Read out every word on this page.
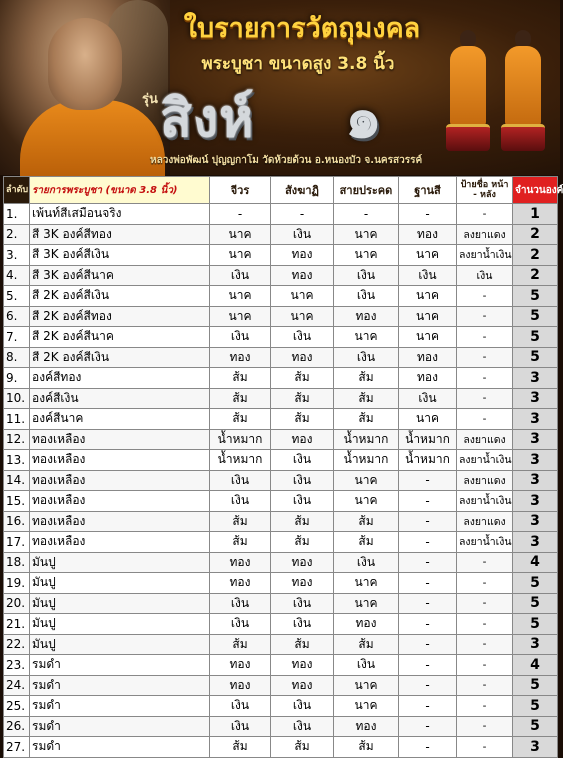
ใบรายการวัตถุมงคล
พระบูชา ขนาดสูง 3.8 นิ้ว
รุ่น สิงห์ ๑
หลวงพ่อพัฒน์ ปุญญกาโม วัดห้วยด้วน อ.หนองบัว จ.นครสวรรค์
ลำดับ	รายการพระบูชา (ขนาด 3.8 นิ้ว)	จีวร	สังฆาฏิ	สายประคด	ฐานสี	ป้ายชื่อ หน้า - หลัง	จำนวนองค์
1.	เพ้นท์สีเสมือนจริง	-	-	-	-	-	1
2.	สี 3K องค์สีทอง	นาค	เงิน	นาค	ทอง	ลงยาแดง	2
3.	สี 3K องค์สีเงิน	นาค	ทอง	นาค	นาค	ลงยาน้ำเงิน	2
4.	สี 3K องค์สีนาค	เงิน	ทอง	เงิน	เงิน	เงิน	2
5.	สี 2K องค์สีเงิน	นาค	นาค	เงิน	นาค	-	5
6.	สี 2K องค์สีทอง	นาค	นาค	ทอง	นาค	-	5
7.	สี 2K องค์สีนาค	เงิน	เงิน	นาค	นาค	-	5
8.	สี 2K องค์สีเงิน	ทอง	ทอง	เงิน	ทอง	-	5
9.	องค์สีทอง	ส้ม	ส้ม	ส้ม	ทอง	-	3
10.	องค์สีเงิน	ส้ม	ส้ม	ส้ม	เงิน	-	3
11.	องค์สีนาค	ส้ม	ส้ม	ส้ม	นาค	-	3
12.	ทองเหลือง	น้ำหมาก	ทอง	น้ำหมาก	น้ำหมาก	ลงยาแดง	3
13.	ทองเหลือง	น้ำหมาก	เงิน	น้ำหมาก	น้ำหมาก	ลงยาน้ำเงิน	3
14.	ทองเหลือง	เงิน	เงิน	นาค	-	ลงยาแดง	3
15.	ทองเหลือง	เงิน	เงิน	นาค	-	ลงยาน้ำเงิน	3
16.	ทองเหลือง	ส้ม	ส้ม	ส้ม	-	ลงยาแดง	3
17.	ทองเหลือง	ส้ม	ส้ม	ส้ม	-	ลงยาน้ำเงิน	3
18.	มันปู	ทอง	ทอง	เงิน	-	-	4
19.	มันปู	ทอง	ทอง	นาค	-	-	5
20.	มันปู	เงิน	เงิน	นาค	-	-	5
21.	มันปู	เงิน	เงิน	ทอง	-	-	5
22.	มันปู	ส้ม	ส้ม	ส้ม	-	-	3
23.	รมดำ	ทอง	ทอง	เงิน	-	-	4
24.	รมดำ	ทอง	ทอง	นาค	-	-	5
25.	รมดำ	เงิน	เงิน	นาค	-	-	5
26.	รมดำ	เงิน	เงิน	ทอง	-	-	5
27.	รมดำ	ส้ม	ส้ม	ส้ม	-	-	3
